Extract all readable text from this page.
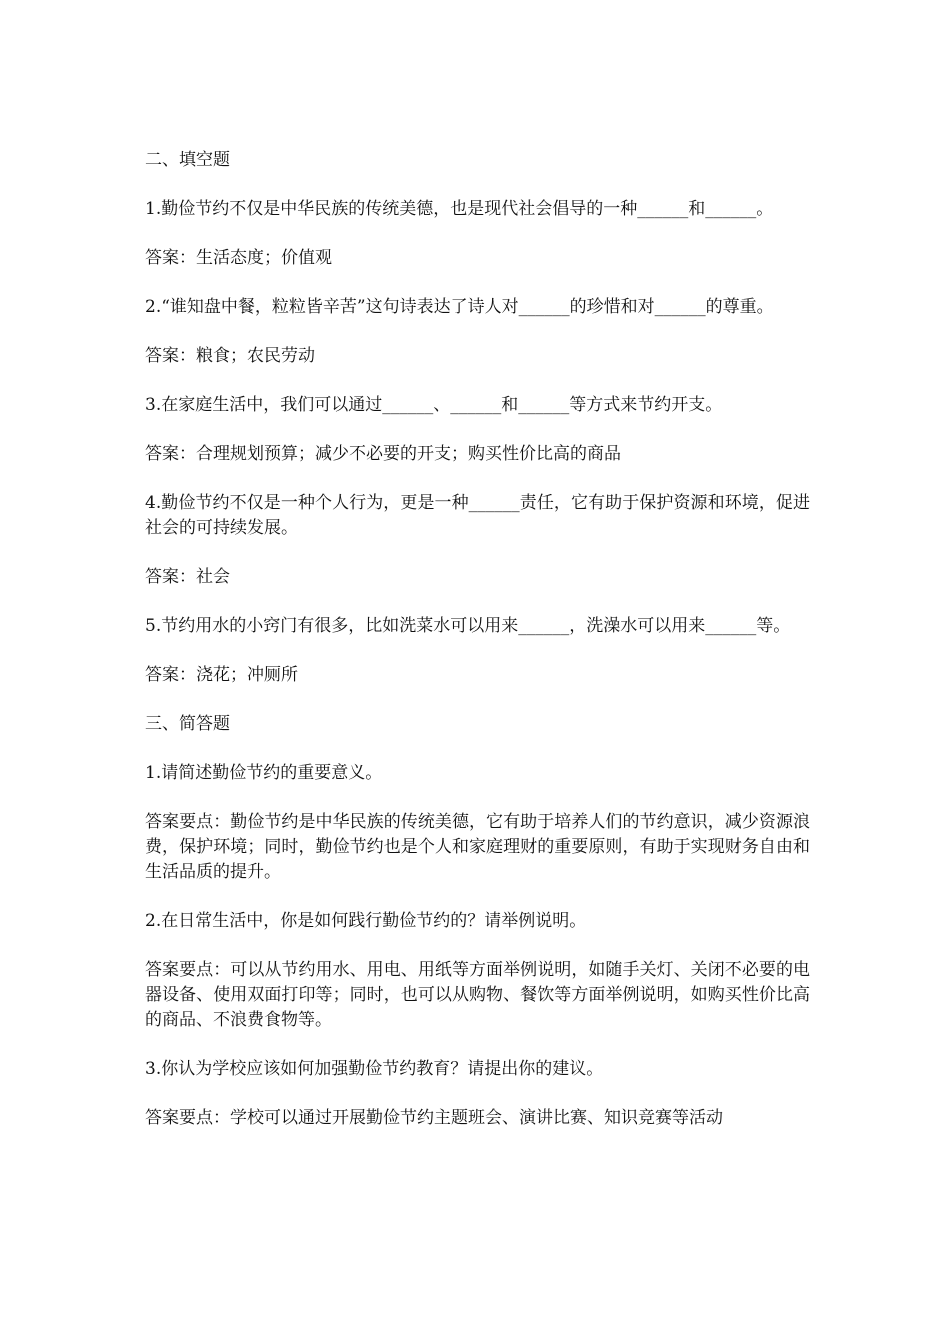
二、填空题

1.勤俭节约不仅是中华民族的传统美德，也是现代社会倡导的一种______和______。

答案：生活态度；价值观

2.“谁知盘中餐，粒粒皆辛苦”这句诗表达了诗人对______的珍惜和对______的尊重。

答案：粮食；农民劳动

3.在家庭生活中，我们可以通过______、______和______等方式来节约开支。

答案：合理规划预算；减少不必要的开支；购买性价比高的商品

4.勤俭节约不仅是一种个人行为，更是一种______责任，它有助于保护资源和环境，促进社会的可持续发展。

答案：社会

5.节约用水的小窍门有很多，比如洗菜水可以用来______，洗澡水可以用来______等。

答案：浇花；冲厕所

三、简答题

1.请简述勤俭节约的重要意义。

答案要点：勤俭节约是中华民族的传统美德，它有助于培养人们的节约意识，减少资源浪费，保护环境；同时，勤俭节约也是个人和家庭理财的重要原则，有助于实现财务自由和生活品质的提升。

2.在日常生活中，你是如何践行勤俭节约的？请举例说明。

答案要点：可以从节约用水、用电、用纸等方面举例说明，如随手关灯、关闭不必要的电器设备、使用双面打印等；同时，也可以从购物、餐饮等方面举例说明，如购买性价比高的商品、不浪费食物等。

3.你认为学校应该如何加强勤俭节约教育？请提出你的建议。

答案要点：学校可以通过开展勤俭节约主题班会、演讲比赛、知识竞赛等活动
